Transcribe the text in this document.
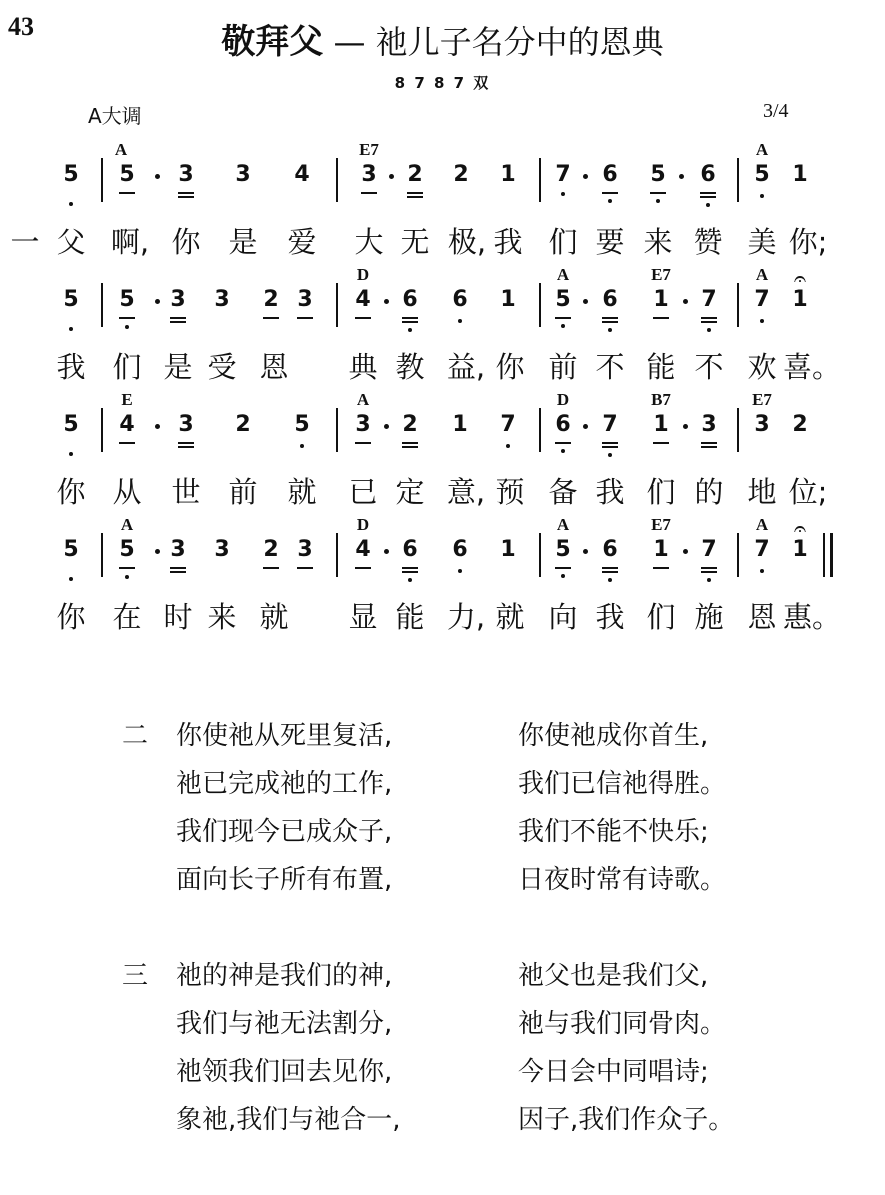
43	敬拜父 — 祂儿子名分中的恩典
8 7 8 7 双
A大调	3/4
A	E7	A
5 5 3 3 4 3 2 2 1 7 6 5 6 5 1
一 父 啊, 你 是 爱 大 无 极, 我 们 要 来 赞 美 你;
D	A	E7	A 𝄐
5 5 3 3 2 3 4 6 6 1 5 6 1 7 7 1
我 们 是 受 恩 典 教 益, 你 前 不 能 不 欢 喜。
E	A	D	B7	E7
5 4 3 2 5 3 2 1 7 6 7 1 3 3 2
你 从 世 前 就 已 定 意, 预 备 我 们 的 地 位;
A	D	A	E7	A 𝄐
5 5 3 3 2 3 4 6 6 1 5 6 1 7 7 1
你 在 时 来 就 显 能 力, 就 向 我 们 施 恩 惠。
二 你使祂从死里复活,
祂已完成祂的工作,
我们现今已成众子,
面向长子所有布置,
你使祂成你首生,
我们已信祂得胜。
我们不能不快乐;
日夜时常有诗歌。
三 祂的神是我们的神,
我们与祂无法割分,
祂领我们回去见你,
象祂,我们与祂合一,
祂父也是我们父,
祂与我们同骨肉。
今日会中同唱诗;
因子,我们作众子。
